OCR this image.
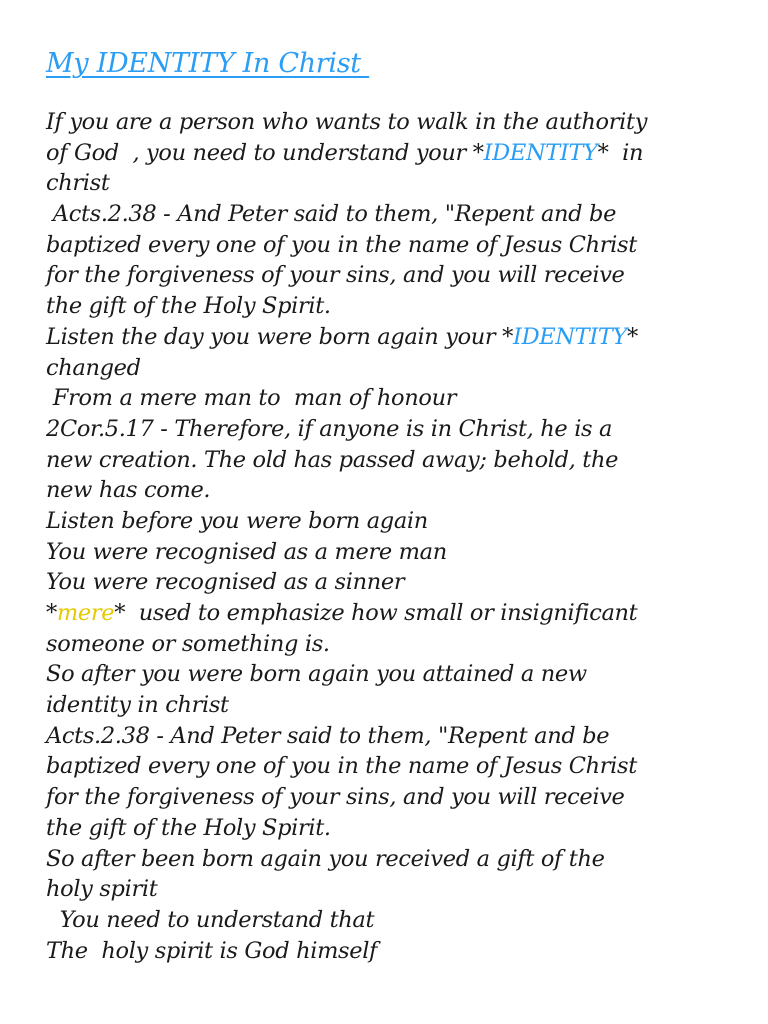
My IDENTITY In Christ
If you are a person who wants to walk in the authority
of God  , you need to understand your *IDENTITY*  in
christ
Acts.2.38 - And Peter said to them, "Repent and be
baptized every one of you in the name of Jesus Christ
for the forgiveness of your sins, and you will receive
the gift of the Holy Spirit.
Listen the day you were born again your *IDENTITY*
changed
From a mere man to  man of honour
2Cor.5.17 - Therefore, if anyone is in Christ, he is a
new creation. The old has passed away; behold, the
new has come.
Listen before you were born again
You were recognised as a mere man
You were recognised as a sinner
*mere*  used to emphasize how small or insignificant
someone or something is.
So after you were born again you attained a new
identity in christ
Acts.2.38 - And Peter said to them, "Repent and be
baptized every one of you in the name of Jesus Christ
for the forgiveness of your sins, and you will receive
the gift of the Holy Spirit.
So after been born again you received a gift of the
holy spirit
You need to understand that
The  holy spirit is God himself
